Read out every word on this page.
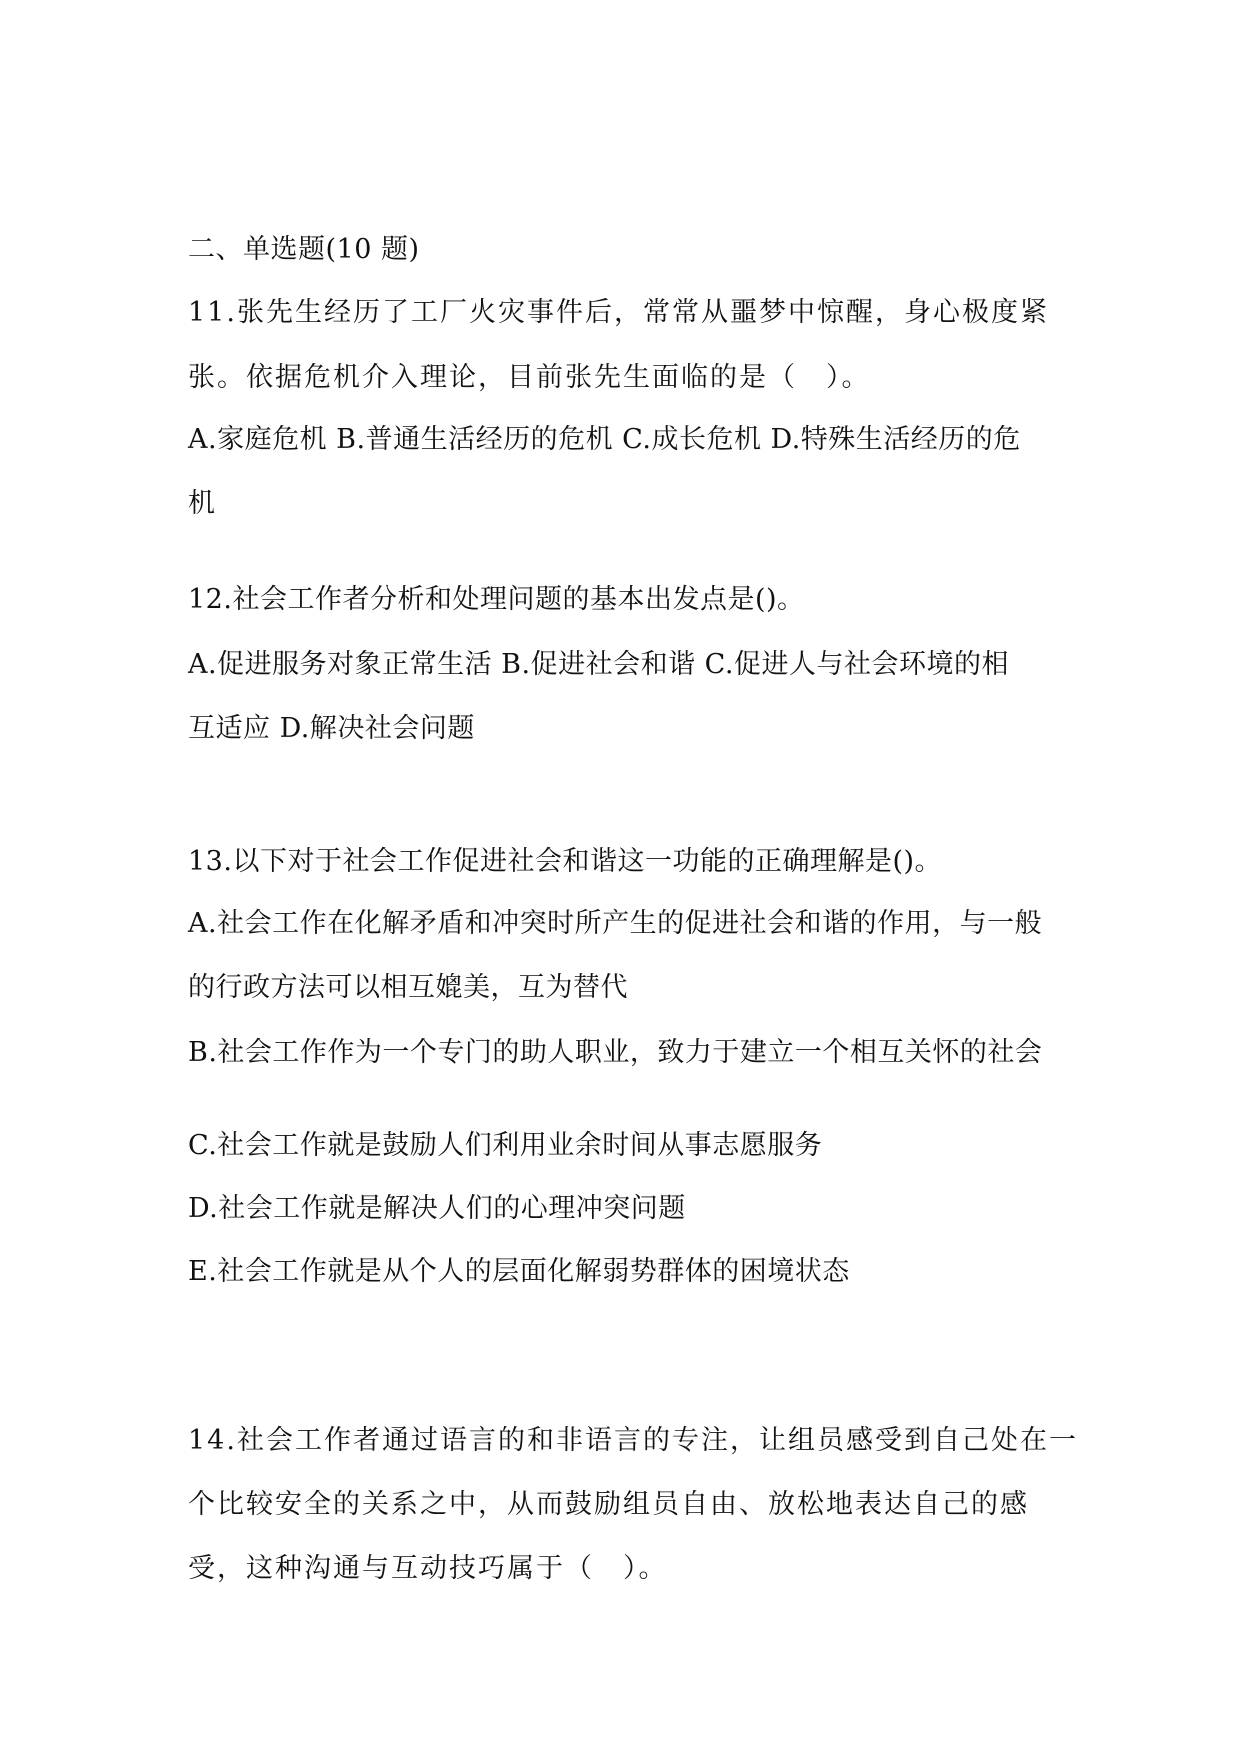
二、单选题(10 题)
11.张先生经历了工厂火灾事件后，常常从噩梦中惊醒，身心极度紧
张。依据危机介入理论，目前张先生面临的是（　）。
A.家庭危机 B.普通生活经历的危机 C.成长危机 D.特殊生活经历的危
机
12.社会工作者分析和处理问题的基本出发点是()。
A.促进服务对象正常生活 B.促进社会和谐 C.促进人与社会环境的相
互适应 D.解决社会问题
13.以下对于社会工作促进社会和谐这一功能的正确理解是()。
A.社会工作在化解矛盾和冲突时所产生的促进社会和谐的作用，与一般
的行政方法可以相互媲美，互为替代
B.社会工作作为一个专门的助人职业，致力于建立一个相互关怀的社会
C.社会工作就是鼓励人们利用业余时间从事志愿服务
D.社会工作就是解决人们的心理冲突问题
E.社会工作就是从个人的层面化解弱势群体的困境状态
14.社会工作者通过语言的和非语言的专注，让组员感受到自己处在一
个比较安全的关系之中，从而鼓励组员自由、放松地表达自己的感
受，这种沟通与互动技巧属于（　）。
